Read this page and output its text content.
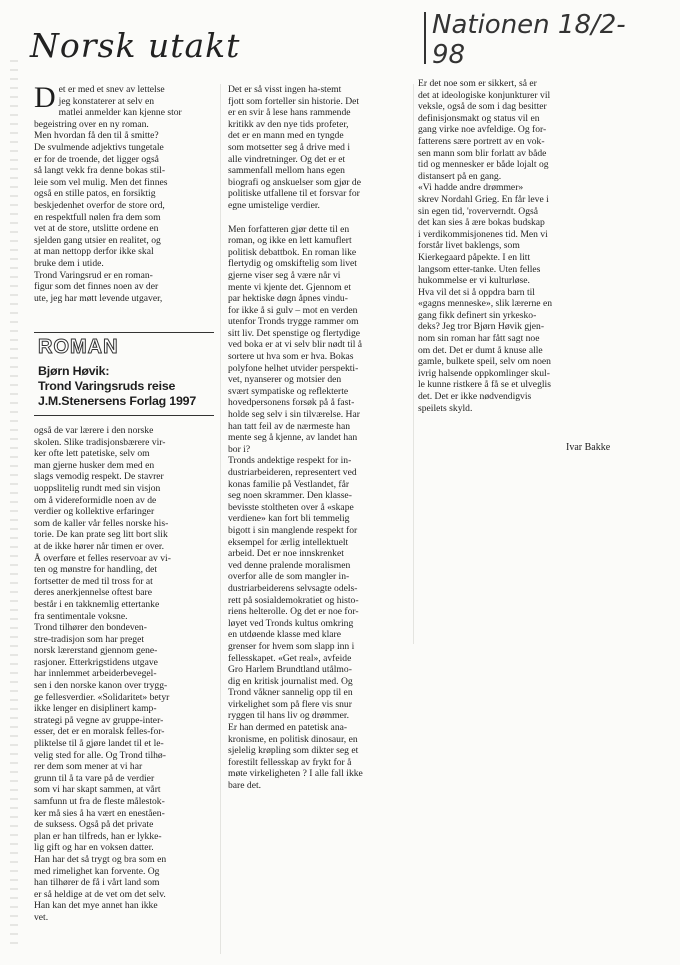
Norsk utakt
Nationen 18/2-98

Det er med et snev av lettelse
jeg konstaterer at selv en
matlei anmelder kan kjenne stor
begeistring over en ny roman.
Men hvordan få den til å smitte?
De svulmende adjektivs tungetale
er for de troende, det ligger også
så langt vekk fra denne bokas stil-
leie som vel mulig. Men det finnes
også en stille patos, en forsiktig
beskjedenhet overfor de store ord,
en respektfull nølen fra dem som
vet at de store, utslitte ordene en
sjelden gang utsier en realitet, og
at man nettopp derfor ikke skal
bruke dem i utide.

Trond Varingsrud er en roman-
figur som det finnes noen av der
ute, jeg har møtt levende utgaver,

ROMAN
Bjørn Høvik:
Trond Varingsruds reise
J.M.Stenersens Forlag 1997

også de var lærere i den norske
skolen. Slike tradisjonsbærere vir-
ker ofte lett patetiske, selv om
man gjerne husker dem med en
slags vemodig respekt. De stavrer
uoppslitelig rundt med sin visjon
om å videreformidle noen av de
verdier og kollektive erfaringer
som de kaller vår felles norske his-
torie. De kan prate seg litt bort slik
at de ikke hører når timen er over.
Å overføre et felles reservoar av vi-
ten og mønstre for handling, det
fortsetter de med til tross for at
deres anerkjennelse oftest bare
består i en takknemlig ettertanke
fra sentimentale voksne.

Trond tilhører den bondeven-
stre-tradisjon som har preget
norsk lærerstand gjennom gene-
rasjoner. Etterkrigstidens utgave
har innlemmet arbeiderbevegel-
sen i den norske kanon over trygg-
ge fellesverdier. «Solidaritet» betyr
ikke lenger en disiplinert kamp-
strategi på vegne av gruppe-inter-
esser, det er en moralsk felles-for-
pliktelse til å gjøre landet til et le-
velig sted for alle. Og Trond tilhø-
rer dem som mener at vi har
grunn til å ta vare på de verdier
som vi har skapt sammen, at vårt
samfunn ut fra de fleste målestok-
ker må sies å ha vært en eneståen-
de suksess. Også på det private
plan er han tilfreds, han er lykke-
lig gift og har en voksen datter.
Han har det så trygt og bra som en
med rimelighet kan forvente. Og
han tilhører de få i vårt land som
er så heldige at de vet om det selv.
Han kan det mye annet han ikke
vet.

Det er så visst ingen ha-stemt
fjott som forteller sin historie. Det
er en svir å lese hans rammende
kritikk av den nye tids profeter,
det er en mann med en tyngde
som motsetter seg å drive med i
alle vindretninger. Og det er et
sammenfall mellom hans egen
biografi og anskuelser som gjør de
politiske utfallene til et forsvar for
egne umistelige verdier.

Men forfatteren gjør dette til en
roman, og ikke en lett kamuflert
politisk debattbok. En roman like
flertydig og omskiftelig som livet
gjerne viser seg å være når vi
mente vi kjente det. Gjennom et
par hektiske døgn åpnes vindu-
for ikke å si gulv – mot en verden
utenfor Tronds trygge rammer om
sitt liv. Det spenstige og flertydige
ved boka er at vi selv blir nødt til å
sortere ut hva som er hva. Bokas
polyfone helhet utvider perspekti-
vet, nyanserer og motsier den
svært sympatiske og reflekterte
hovedpersonens forsøk på å fast-
holde seg selv i sin tilværelse. Har
han tatt feil av de nærmeste han
mente seg å kjenne, av landet han
bor i?

Tronds andektige respekt for in-
dustriarbeideren, representert ved
konas familie på Vestlandet, får
seg noen skrammer. Den klasse-
bevisste stoltheten over å «skape
verdiene» kan fort bli temmelig
bigott i sin manglende respekt for
eksempel for ærlig intellektuelt
arbeid. Det er noe innskrenket
ved denne pralende moralismen
overfor alle de som mangler in-
dustriarbeiderens selvsagte odels-
rett på sosialdemokratiet og histo-
riens helterolle. Og det er noe for-
løyet ved Tronds kultus omkring
en utdøende klasse med klare
grenser for hvem som slapp inn i
fellesskapet. «Get real», avfeide
Gro Harlem Brundtland utålmo-
dig en kritisk journalist med. Og
Trond våkner sannelig opp til en
virkelighet som på flere vis snur
ryggen til hans liv og drømmer.

Er han dermed en patetisk ana-
kronisme, en politisk dinosaur, en
sjelelig krøpling som dikter seg et
forestilt fellesskap av frykt for å
møte virkeligheten ? I alle fall ikke
bare det.

Er det noe som er sikkert, så er
det at ideologiske konjunkturer vil
veksle, også de som i dag besitter
definisjonsmakt og status vil en
gang virke noe avfeldige. Og for-
fatterens sære portrett av en vok-
sen mann som blir forlatt av både
tid og mennesker er både lojalt og
distansert på en gang.

«Vi hadde andre drømmer»
skrev Nordahl Grieg. En får leve i
sin egen tid, 'roververndt. Også
det kan sies å ære bokas budskap
i verdikommisjonenes tid. Men vi
forstår livet baklengs, som
Kierkegaard påpekte. I en litt
langsom etter-tanke. Uten felles
hukommelse er vi kulturløse.

Hva vil det si å oppdra barn til
«gagns menneske», slik lærerne en
gang fikk definert sin yrkesko-
deks? Jeg tror Bjørn Høvik gjen-
nom sin roman har fått sagt noe
om det. Det er dumt å knuse alle
gamle, bulkete speil, selv om noen
ivrig halsende oppkomlinger skul-
le kunne ristkere å få se et ulveglis
det. Det er ikke nødvendigvis
speilets skyld.

Ivar Bakke
